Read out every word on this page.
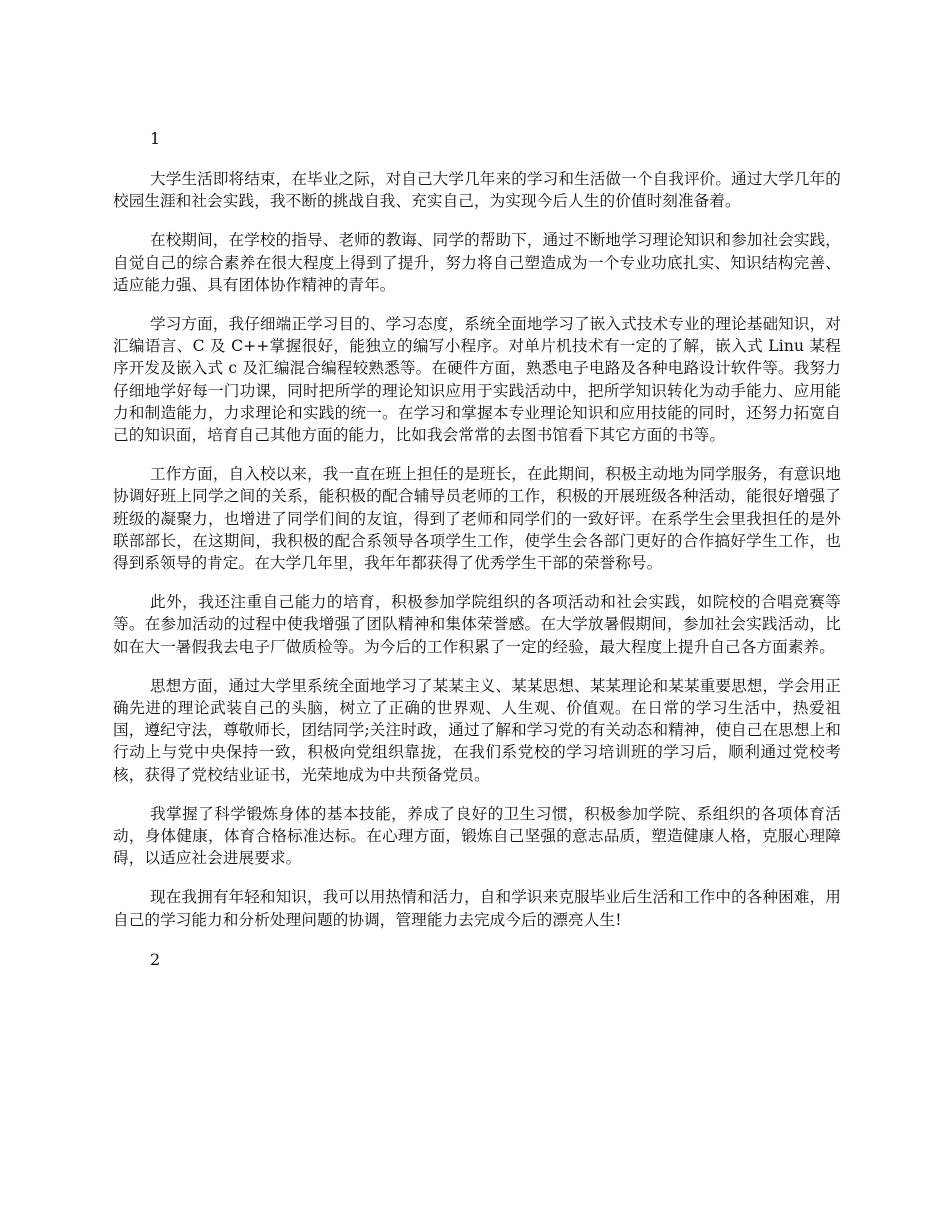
1

大学生活即将结束，在毕业之际，对自己大学几年来的学习和生活做一个自我评价。通过大学几年的校园生涯和社会实践，我不断的挑战自我、充实自己，为实现今后人生的价值时刻准备着。

在校期间，在学校的指导、老师的教诲、同学的帮助下，通过不断地学习理论知识和参加社会实践，自觉自己的综合素养在很大程度上得到了提升，努力将自己塑造成为一个专业功底扎实、知识结构完善、适应能力强、具有团体协作精神的青年。

学习方面，我仔细端正学习目的、学习态度，系统全面地学习了嵌入式技术专业的理论基础知识，对汇编语言、C 及 C++掌握很好，能独立的编写小程序。对单片机技术有一定的了解，嵌入式 Linu 某程序开发及嵌入式 c 及汇编混合编程较熟悉等。在硬件方面，熟悉电子电路及各种电路设计软件等。我努力仔细地学好每一门功课，同时把所学的理论知识应用于实践活动中，把所学知识转化为动手能力、应用能力和制造能力，力求理论和实践的统一。在学习和掌握本专业理论知识和应用技能的同时，还努力拓宽自己的知识面，培育自己其他方面的能力，比如我会常常的去图书馆看下其它方面的书等。

工作方面，自入校以来，我一直在班上担任的是班长，在此期间，积极主动地为同学服务，有意识地协调好班上同学之间的关系，能积极的配合辅导员老师的工作，积极的开展班级各种活动，能很好增强了班级的凝聚力，也增进了同学们间的友谊，得到了老师和同学们的一致好评。在系学生会里我担任的是外联部部长，在这期间，我积极的配合系领导各项学生工作，使学生会各部门更好的合作搞好学生工作，也得到系领导的肯定。在大学几年里，我年年都获得了优秀学生干部的荣誉称号。

此外，我还注重自己能力的培育，积极参加学院组织的各项活动和社会实践，如院校的合唱竞赛等等。在参加活动的过程中使我增强了团队精神和集体荣誉感。在大学放暑假期间，参加社会实践活动，比如在大一暑假我去电子厂做质检等。为今后的工作积累了一定的经验，最大程度上提升自己各方面素养。

思想方面，通过大学里系统全面地学习了某某主义、某某思想、某某理论和某某重要思想，学会用正确先进的理论武装自己的头脑，树立了正确的世界观、人生观、价值观。在日常的学习生活中，热爱祖国，遵纪守法，尊敬师长，团结同学;关注时政，通过了解和学习党的有关动态和精神，使自己在思想上和行动上与党中央保持一致，积极向党组织靠拢，在我们系党校的学习培训班的学习后，顺利通过党校考核，获得了党校结业证书，光荣地成为中共预备党员。

我掌握了科学锻炼身体的基本技能，养成了良好的卫生习惯，积极参加学院、系组织的各项体育活动，身体健康，体育合格标准达标。在心理方面，锻炼自己坚强的意志品质，塑造健康人格，克服心理障碍，以适应社会进展要求。

现在我拥有年轻和知识，我可以用热情和活力，自和学识来克服毕业后生活和工作中的各种困难，用自己的学习能力和分析处理问题的协调，管理能力去完成今后的漂亮人生!

2
